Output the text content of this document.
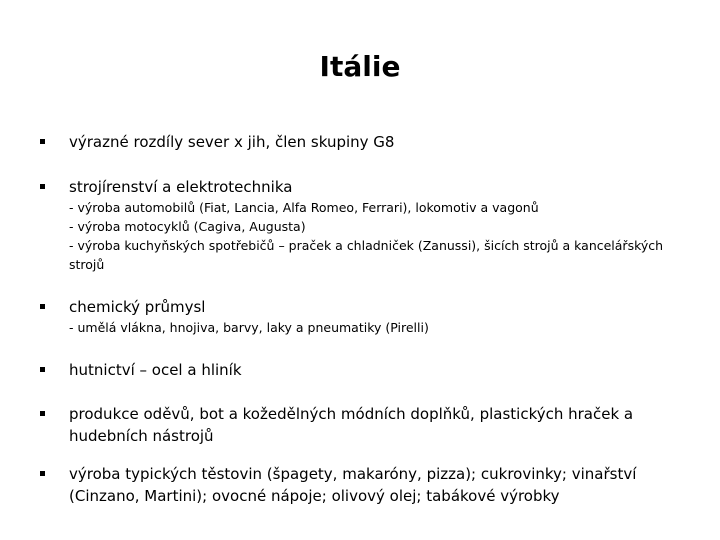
Itálie
výrazné rozdíly sever x jih, člen skupiny G8
strojírenství a elektrotechnika
- výroba automobilů (Fiat, Lancia, Alfa Romeo, Ferrari), lokomotiv a vagonů
- výroba motocyklů (Cagiva, Augusta)
- výroba kuchyňských spotřebičů – praček a chladniček (Zanussi), šicích strojů a kancelářských strojů
chemický průmysl
- umělá vlákna, hnojiva, barvy, laky a pneumatiky (Pirelli)
hutnictví – ocel a hliník
produkce oděvů, bot a kožedělných módních doplňků, plastických hraček a hudebních nástrojů
výroba typických těstovin (špagety, makaróny, pizza); cukrovinky; vinařství (Cinzano, Martini); ovocné nápoje; olivový olej; tabákové výrobky
